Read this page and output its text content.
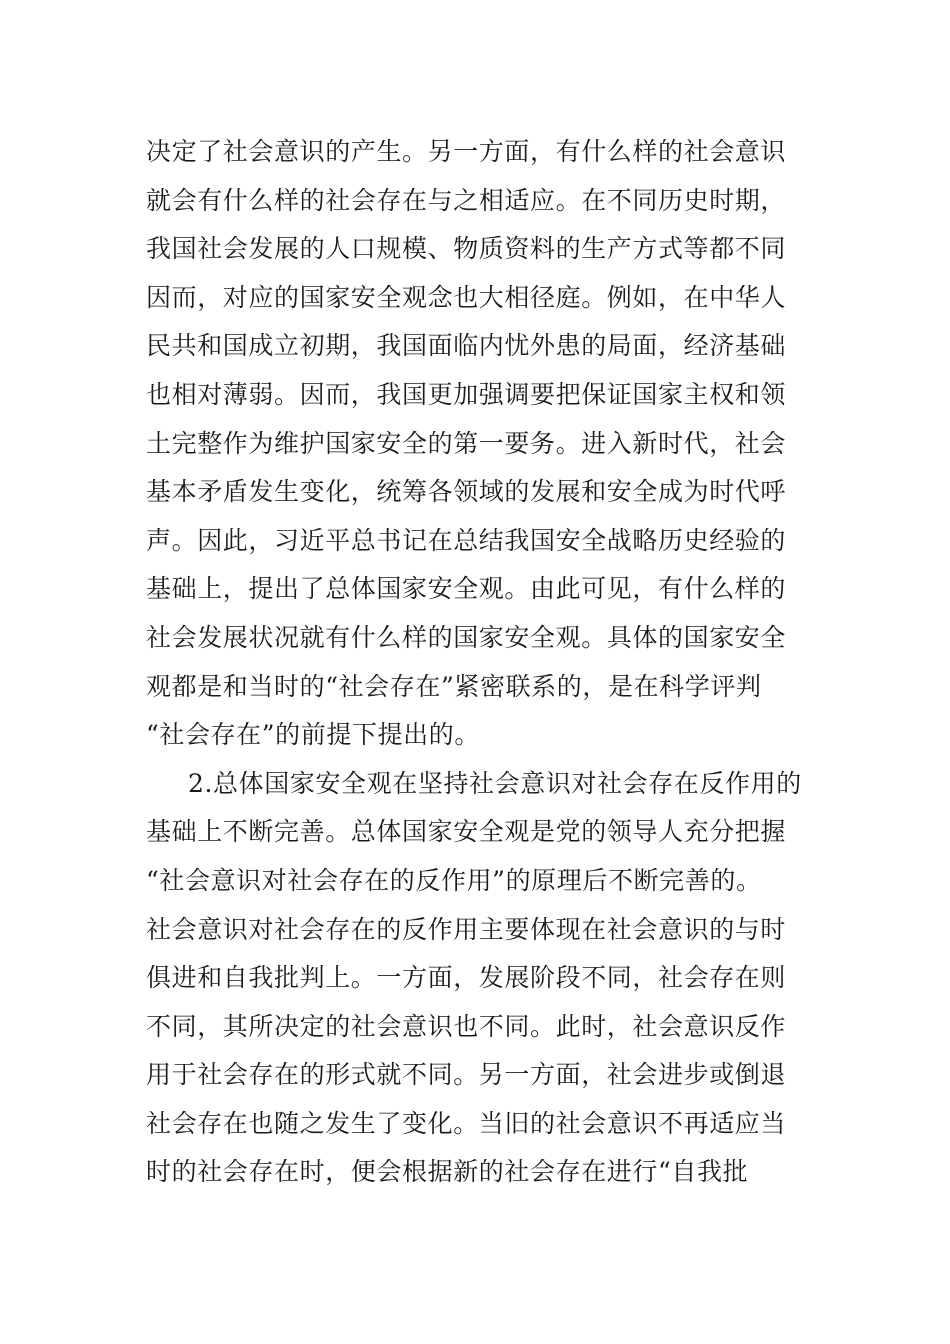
决定了社会意识的产生。另一方面，有什么样的社会意识
就会有什么样的社会存在与之相适应。在不同历史时期，
我国社会发展的人口规模、物质资料的生产方式等都不同
因而，对应的国家安全观念也大相径庭。例如，在中华人
民共和国成立初期，我国面临内忧外患的局面，经济基础
也相对薄弱。因而，我国更加强调要把保证国家主权和领
土完整作为维护国家安全的第一要务。进入新时代，社会
基本矛盾发生变化，统筹各领域的发展和安全成为时代呼
声。因此，习近平总书记在总结我国安全战略历史经验的
基础上，提出了总体国家安全观。由此可见，有什么样的
社会发展状况就有什么样的国家安全观。具体的国家安全
观都是和当时的“社会存在”紧密联系的，是在科学评判
“社会存在”的前提下提出的。
2.总体国家安全观在坚持社会意识对社会存在反作用的
基础上不断完善。总体国家安全观是党的领导人充分把握
“社会意识对社会存在的反作用”的原理后不断完善的。
社会意识对社会存在的反作用主要体现在社会意识的与时
俱进和自我批判上。一方面，发展阶段不同，社会存在则
不同，其所决定的社会意识也不同。此时，社会意识反作
用于社会存在的形式就不同。另一方面，社会进步或倒退
社会存在也随之发生了变化。当旧的社会意识不再适应当
时的社会存在时，便会根据新的社会存在进行“自我批
